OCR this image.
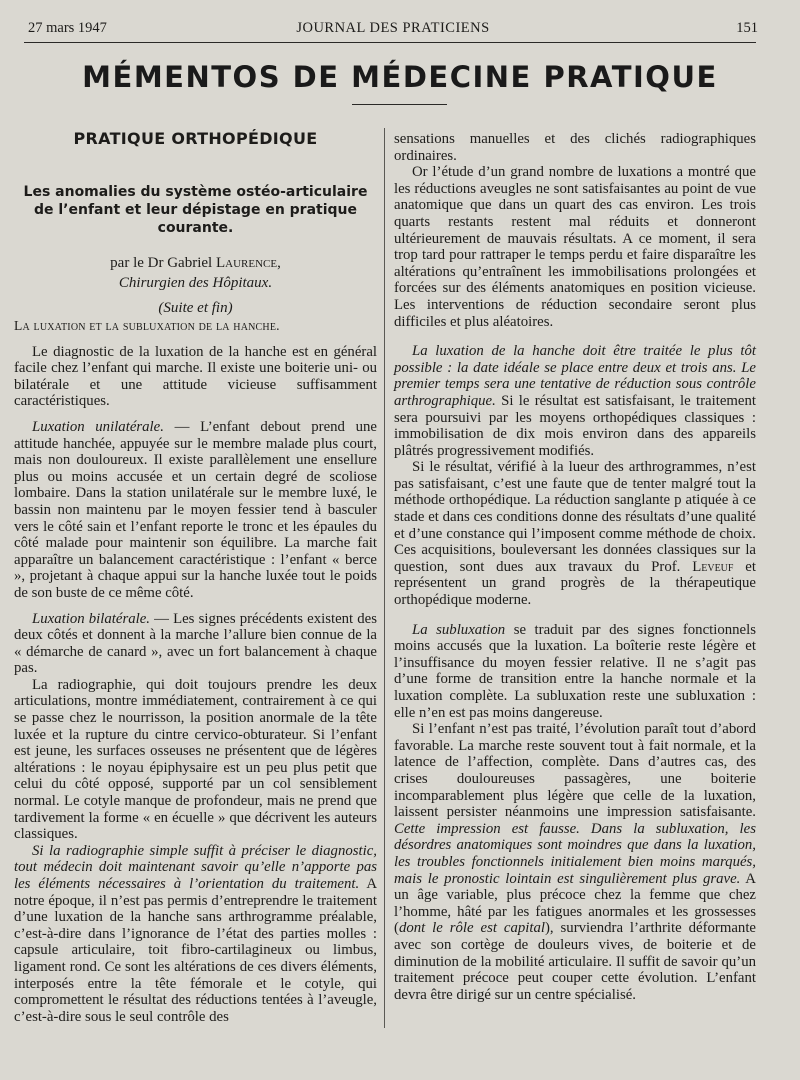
27 mars 1947	JOURNAL DES PRATICIENS	151
MÉMENTOS DE MÉDECINE PRATIQUE
PRATIQUE ORTHOPÉDIQUE
Les anomalies du système ostéo-articulaire de l’enfant et leur dépistage en pratique courante.
par le Dr Gabriel Laurence,
Chirurgien des Hôpitaux.
(Suite et fin)

La luxation et la subluxation de la hanche.

Le diagnostic de la luxation de la hanche est en général facile chez l’enfant qui marche. Il existe une boiterie uni- ou bilatérale et une attitude vicieuse suffisamment caractéristiques.

Luxation unilatérale. — L’enfant debout prend une attitude hanchée, appuyée sur le membre malade plus court, mais non douloureux. Il existe parallèlement une ensellure plus ou moins accusée et un certain degré de scoliose lombaire. Dans la station unilatérale sur le membre luxé, le bassin non maintenu par le moyen fessier tend à basculer vers le côté sain et l’enfant reporte le tronc et les épaules du côté malade pour maintenir son équilibre. La marche fait apparaître un balancement caractéristique : l’enfant « berce », projetant à chaque appui sur la hanche luxée tout le poids de son buste de ce même côté.

Luxation bilatérale. — Les signes précédents existent des deux côtés et donnent à la marche l’allure bien connue de la « démarche de canard », avec un fort balancement à chaque pas.

La radiographie, qui doit toujours prendre les deux articulations, montre immédiatement, contrairement à ce qui se passe chez le nourrisson, la position anormale de la tête luxée et la rupture du cintre cervico-obturateur. Si l’enfant est jeune, les surfaces osseuses ne présentent que de légères altérations : le noyau épiphysaire est un peu plus petit que celui du côté opposé, supporté par un col sensiblement normal. Le cotyle manque de profondeur, mais ne prend que tardivement la forme « en écuelle » que décrivent les auteurs classiques.

Si la radiographie simple suffit à préciser le diagnostic, tout médecin doit maintenant savoir qu’elle n’apporte pas les éléments nécessaires à l’orientation du traitement. A notre époque, il n’est pas permis d’entreprendre le traitement d’une luxation de la hanche sans arthrogramme préalable, c’est-à-dire dans l’ignorance de l’état des parties molles : capsule articulaire, toit fibro-cartilagineux ou limbus, ligament rond. Ce sont les altérations de ces divers éléments, interposés entre la tête fémorale et le cotyle, qui compromettent le résultat des réductions tentées à l’aveugle, c’est-à-dire sous le seul contrôle des

sensations manuelles et des clichés radiographiques ordinaires.

Or l’étude d’un grand nombre de luxations a montré que les réductions aveugles ne sont satisfaisantes au point de vue anatomique que dans un quart des cas environ. Les trois quarts restants restent mal réduits et donneront ultérieurement de mauvais résultats. A ce moment, il sera trop tard pour rattraper le temps perdu et faire disparaître les altérations qu’entraînent les immobilisations prolongées et forcées sur des éléments anatomiques en position vicieuse. Les interventions de réduction secondaire seront plus difficiles et plus aléatoires.

La luxation de la hanche doit être traitée le plus tôt possible : la date idéale se place entre deux et trois ans. Le premier temps sera une tentative de réduction sous contrôle arthrographique. Si le résultat est satisfaisant, le traitement sera poursuivi par les moyens orthopédiques classiques : immobilisation de dix mois environ dans des appareils plâtrés progressivement modifiés.

Si le résultat, vérifié à la lueur des arthrogrammes, n’est pas satisfaisant, c’est une faute que de tenter malgré tout la méthode orthopédique. La réduction sanglante p atiquée à ce stade et dans ces conditions donne des résultats d’une qualité et d’une constance qui l’imposent comme méthode de choix. Ces acquisitions, bouleversant les données classiques sur la question, sont dues aux travaux du Prof. Leveuf et représentent un grand progrès de la thérapeutique orthopédique moderne.

La subluxation se traduit par des signes fonctionnels moins accusés que la luxation. La boîterie reste légère et l’insuffisance du moyen fessier relative. Il ne s’agit pas d’une forme de transition entre la hanche normale et la luxation complète. La subluxation reste une subluxation : elle n’en est pas moins dangereuse.

Si l’enfant n’est pas traité, l’évolution paraît tout d’abord favorable. La marche reste souvent tout à fait normale, et la latence de l’affection, complète. Dans d’autres cas, des crises douloureuses passagères, une boiterie incomparablement plus légère que celle de la luxation, laissent persister néanmoins une impression satisfaisante. Cette impression est fausse. Dans la subluxation, les désordres anatomiques sont moindres que dans la luxation, les troubles fonctionnels initialement bien moins marqués, mais le pronostic lointain est singulièrement plus grave. A un âge variable, plus précoce chez la femme que chez l’homme, hâté par les fatigues anormales et les grossesses (dont le rôle est capital), surviendra l’arthrite déformante avec son cortège de douleurs vives, de boiterie et de diminution de la mobilité articulaire. Il suffit de savoir qu’un traitement précoce peut couper cette évolution. L’enfant devra être dirigé sur un centre spécialisé.
